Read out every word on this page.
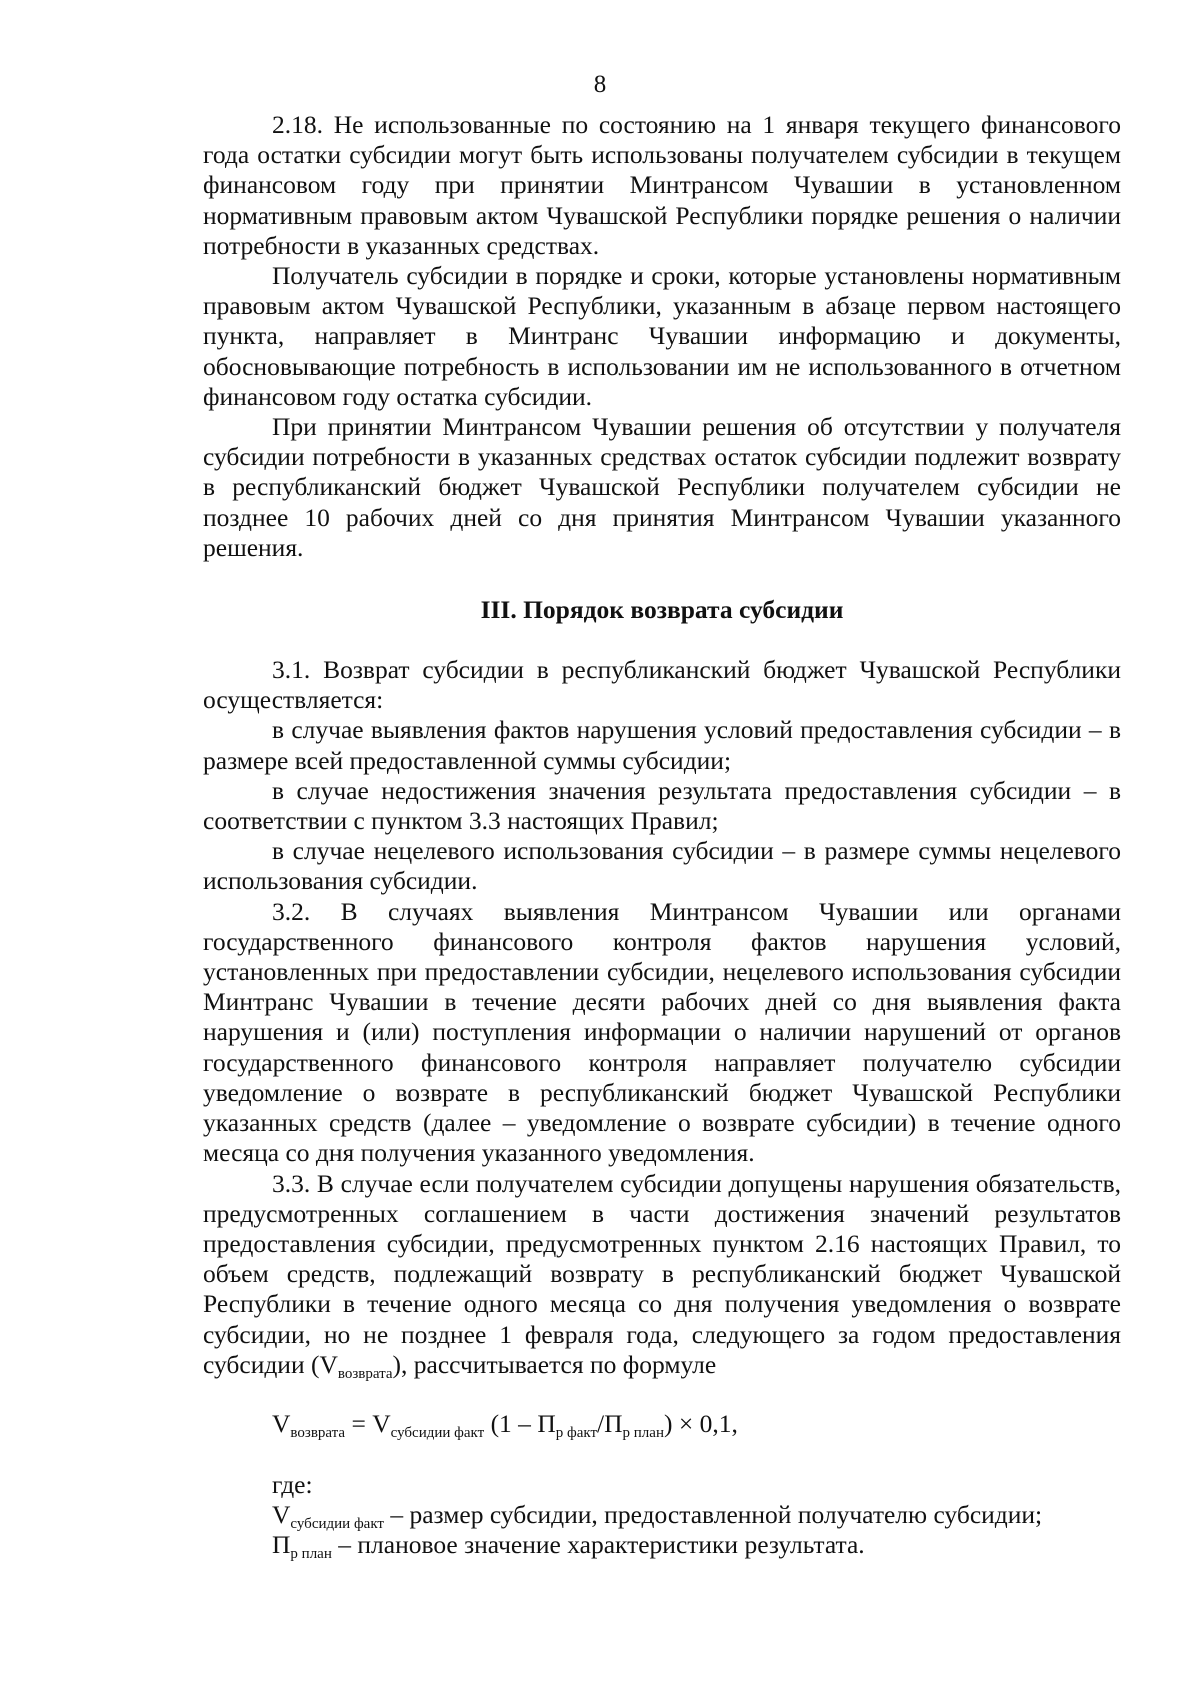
8

2.18. Не использованные по состоянию на 1 января текущего финансового года остатки субсидии могут быть использованы получателем субсидии в текущем финансовом году при принятии Минтрансом Чувашии в установленном нормативным правовым актом Чувашской Республики порядке решения о наличии потребности в указанных средствах.

Получатель субсидии в порядке и сроки, которые установлены нормативным правовым актом Чувашской Республики, указанным в абзаце первом настоящего пункта, направляет в Минтранс Чувашии информацию и документы, обосновывающие потребность в использовании им не использованного в отчетном финансовом году остатка субсидии.

При принятии Минтрансом Чувашии решения об отсутствии у получателя субсидии потребности в указанных средствах остаток субсидии подлежит возврату в республиканский бюджет Чувашской Республики получателем субсидии не позднее 10 рабочих дней со дня принятия Минтрансом Чувашии указанного решения.

III. Порядок возврата субсидии

3.1. Возврат субсидии в республиканский бюджет Чувашской Республики осуществляется:

в случае выявления фактов нарушения условий предоставления субсидии – в размере всей предоставленной суммы субсидии;

в случае недостижения значения результата предоставления субсидии – в соответствии с пунктом 3.3 настоящих Правил;

в случае нецелевого использования субсидии – в размере суммы нецелевого использования субсидии.

3.2. В случаях выявления Минтрансом Чувашии или органами государственного финансового контроля фактов нарушения условий, установленных при предоставлении субсидии, нецелевого использования субсидии Минтранс Чувашии в течение десяти рабочих дней со дня выявления факта нарушения и (или) поступления информации о наличии нарушений от органов государственного финансового контроля направляет получателю субсидии уведомление о возврате в республиканский бюджет Чувашской Республики указанных средств (далее – уведомление о возврате субсидии) в течение одного месяца со дня получения указанного уведомления.

3.3. В случае если получателем субсидии допущены нарушения обязательств, предусмотренных соглашением в части достижения значений результатов предоставления субсидии, предусмотренных пунктом 2.16 настоящих Правил, то объем средств, подлежащий возврату в республиканский бюджет Чувашской Республики в течение одного месяца со дня получения уведомления о возврате субсидии, но не позднее 1 февраля года, следующего за годом предоставления субсидии $(V_{возврата})$, рассчитывается по формуле

$V_{возврата} = V_{субсидии факт}$ $(1 - П_{р факт}/П_{р план}) \times 0,1$,
где:
$V_{субсидии факт}$ – размер субсидии, предоставленной получателю субсидии;
$П_{р план}$ – плановое значение характеристики результата.
